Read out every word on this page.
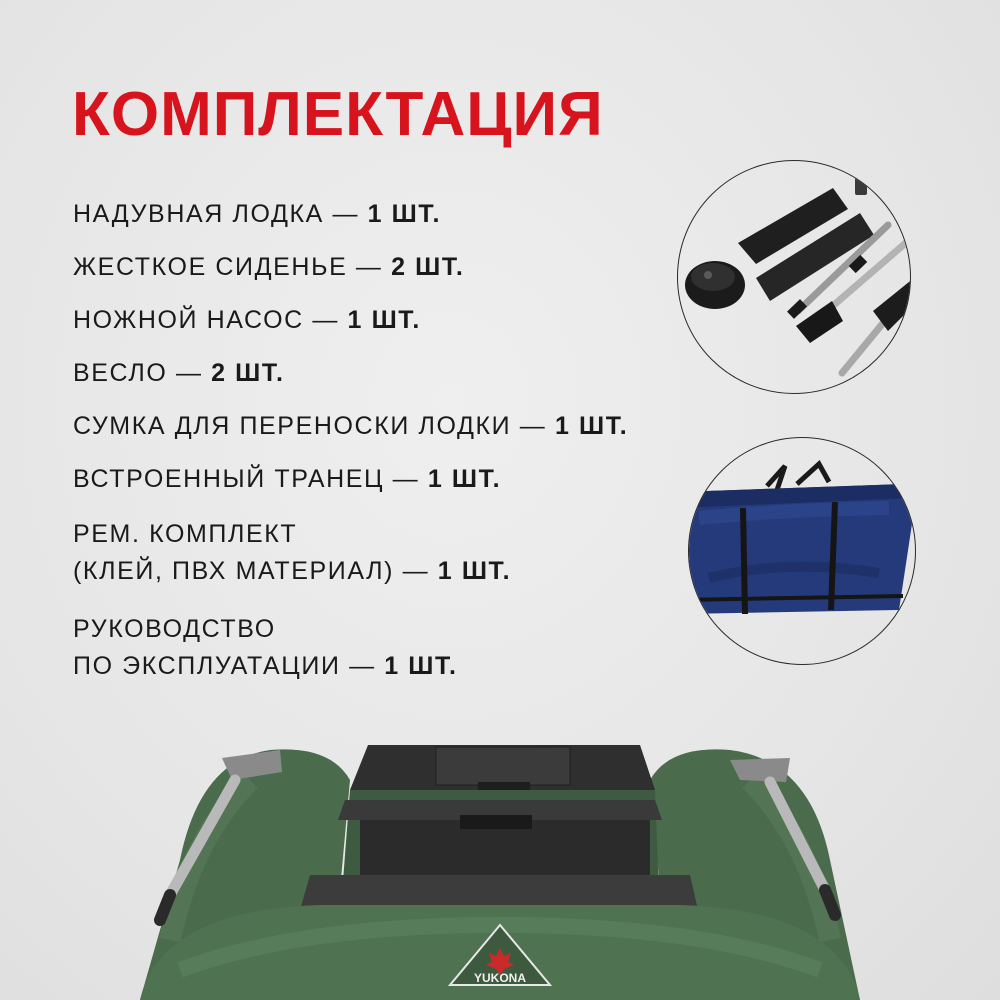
КОМПЛЕКТАЦИЯ
НАДУВНАЯ ЛОДКА — 1 ШТ.
ЖЕСТКОЕ СИДЕНЬЕ — 2 ШТ.
НОЖНОЙ НАСОС — 1 ШТ.
ВЕСЛО — 2 ШТ.
СУМКА ДЛЯ ПЕРЕНОСКИ ЛОДКИ — 1 ШТ.
ВСТРОЕННЫЙ ТРАНЕЦ — 1 ШТ.
РЕМ. КОМПЛЕКТ
(КЛЕЙ, ПВХ МАТЕРИАЛ) — 1 ШТ.
РУКОВОДСТВО
ПО ЭКСПЛУАТАЦИИ — 1 ШТ.
YUKONA
